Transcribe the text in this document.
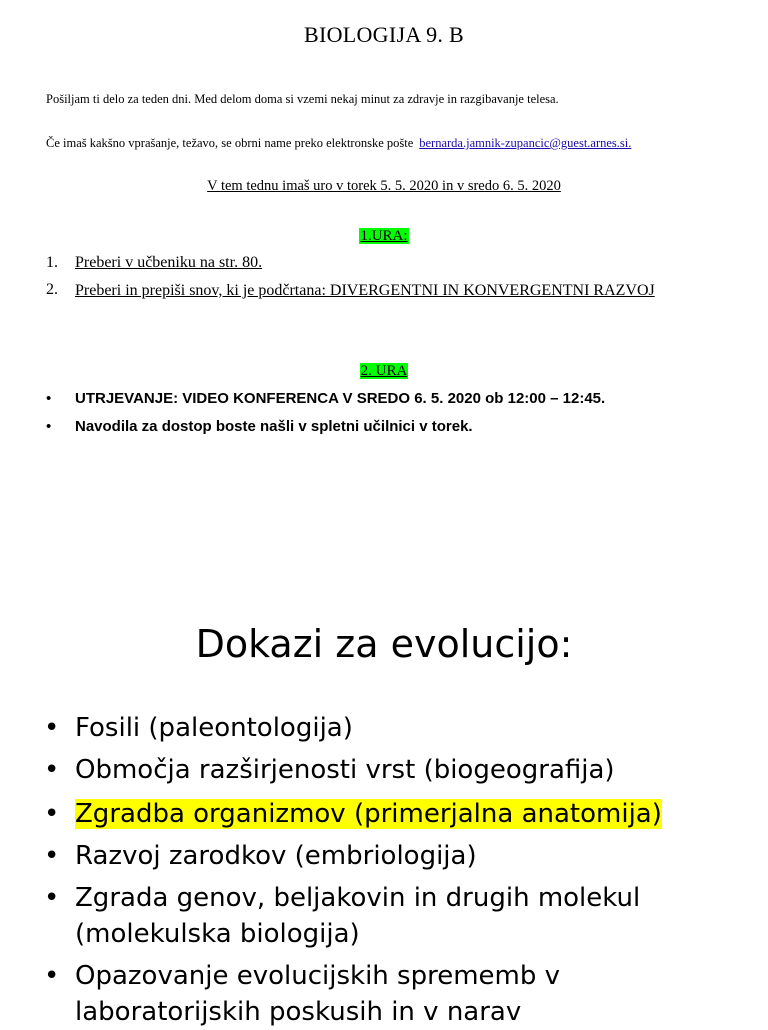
BIOLOGIJA 9. B
Pošiljam ti delo za teden dni. Med delom doma si vzemi nekaj minut za zdravje in razgibavanje telesa.
Če imaš kakšno vprašanje, težavo, se obrni name preko elektronske pošte bernarda.jamnik-zupancic@guest.arnes.si.
V tem tednu imaš uro v torek 5. 5. 2020 in v sredo 6. 5. 2020
1.URA:
1. Preberi v učbeniku na str. 80.
2. Preberi in prepiši snov, ki je podčrtana: DIVERGENTNI IN KONVERGENTNI RAZVOJ
2. URA
• UTRJEVANJE: VIDEO KONFERENCA V SREDO 6. 5. 2020 ob 12:00 – 12:45.
• Navodila za dostop boste našli v spletni učilnici v torek.
Dokazi za evolucijo:
• Fosili (paleontologija)
• Območja razširjenosti vrst (biogeografija)
• Zgradba organizmov (primerjalna anatomija)
• Razvoj zarodkov (embriologija)
• Zgrada genov, beljakovin in drugih molekul (molekulska biologija)
• Opazovanje evolucijskih sprememb v laboratorijskih poskusih in v narav
